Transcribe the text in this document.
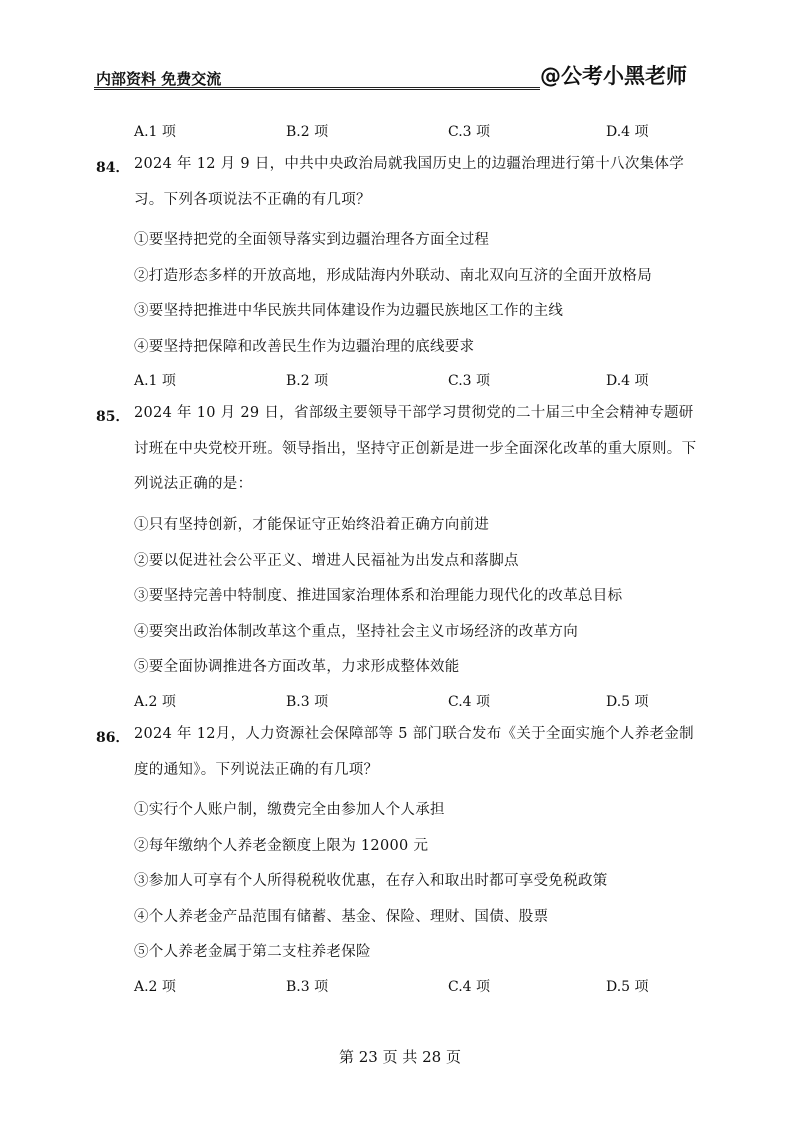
内部资料 免费交流	@公考小黑老师
A.1 项	B.2 项	C.3 项	D.4 项
84． 2024 年 12 月 9 日，中共中央政治局就我国历史上的边疆治理进行第十八次集体学习。下列各项说法不正确的有几项？
①要坚持把党的全面领导落实到边疆治理各方面全过程
②打造形态多样的开放高地，形成陆海内外联动、南北双向互济的全面开放格局
③要坚持把推进中华民族共同体建设作为边疆民族地区工作的主线
④要坚持把保障和改善民生作为边疆治理的底线要求
A.1 项	B.2 项	C.3 项	D.4 项
85． 2024 年 10 月 29 日，省部级主要领导干部学习贯彻党的二十届三中全会精神专题研讨班在中央党校开班。领导指出，坚持守正创新是进一步全面深化改革的重大原则。下列说法正确的是：
①只有坚持创新，才能保证守正始终沿着正确方向前进
②要以促进社会公平正义、增进人民福祉为出发点和落脚点
③要坚持完善中特制度、推进国家治理体系和治理能力现代化的改革总目标
④要突出政治体制改革这个重点，坚持社会主义市场经济的改革方向
⑤要全面协调推进各方面改革，力求形成整体效能
A.2 项	B.3 项	C.4 项	D.5 项
86． 2024 年 12月，人力资源社会保障部等 5 部门联合发布《关于全面实施个人养老金制度的通知》。下列说法正确的有几项？
①实行个人账户制，缴费完全由参加人个人承担
②每年缴纳个人养老金额度上限为 12000 元
③参加人可享有个人所得税税收优惠，在存入和取出时都可享受免税政策
④个人养老金产品范围有储蓄、基金、保险、理财、国债、股票
⑤个人养老金属于第二支柱养老保险
A.2 项	B.3 项	C.4 项	D.5 项
第 23 页 共 28 页
